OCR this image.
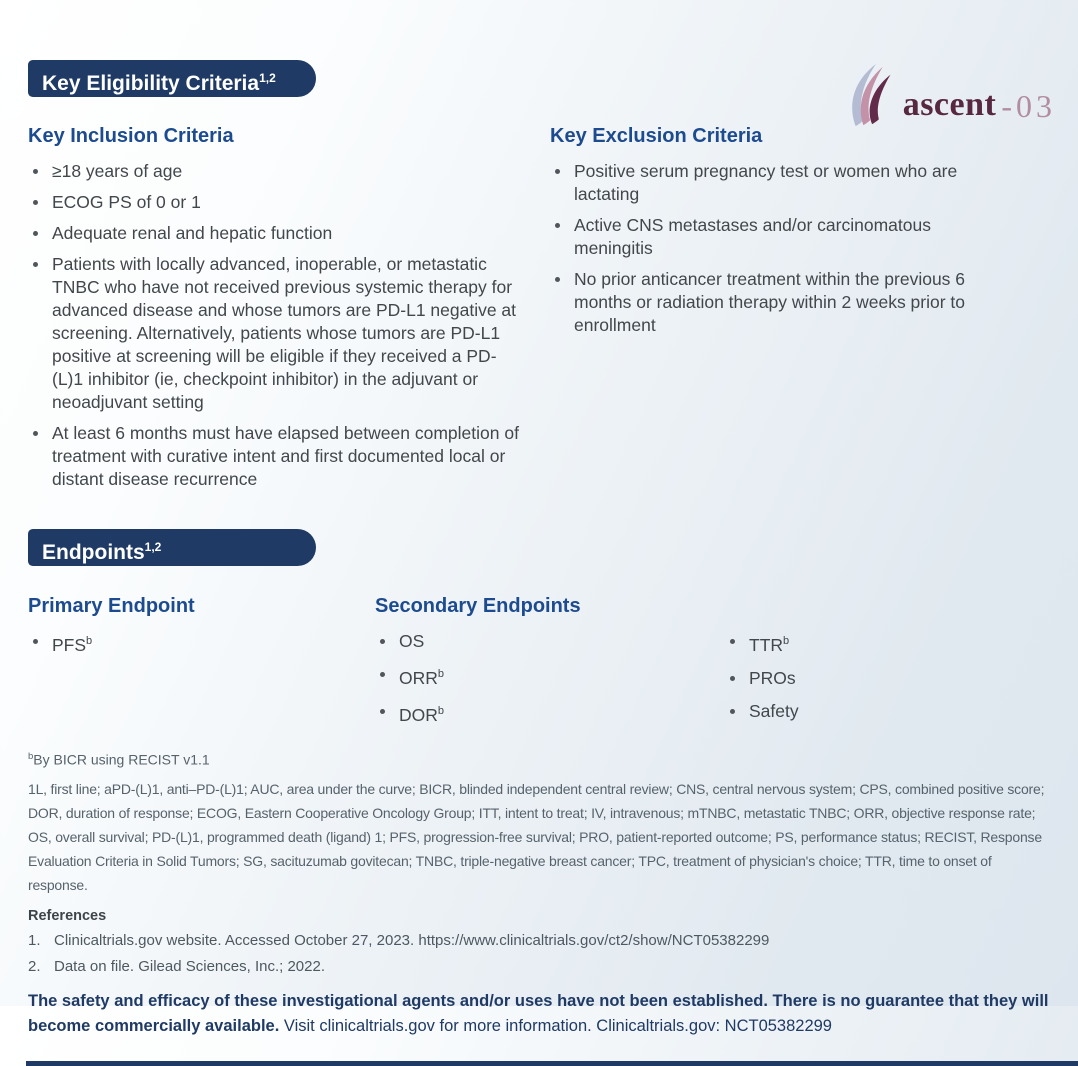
ascent -03
Key Eligibility Criteria$^{1,2}$
Key Inclusion Criteria
≥18 years of age
ECOG PS of 0 or 1
Adequate renal and hepatic function
Patients with locally advanced, inoperable, or metastatic TNBC who have not received previous systemic therapy for advanced disease and whose tumors are PD-L1 negative at screening. Alternatively, patients whose tumors are PD-L1 positive at screening will be eligible if they received a PD-(L)1 inhibitor (ie, checkpoint inhibitor) in the adjuvant or neoadjuvant setting
At least 6 months must have elapsed between completion of treatment with curative intent and first documented local or distant disease recurrence
Key Exclusion Criteria
Positive serum pregnancy test or women who are lactating
Active CNS metastases and/or carcinomatous meningitis
No prior anticancer treatment within the previous 6 months or radiation therapy within 2 weeks prior to enrollment
Endpoints$^{1,2}$
Primary Endpoint
PFS$^b$
Secondary Endpoints
OS
ORR$^b$
DOR$^b$
TTR$^b$
PROs
Safety
$^b$By BICR using RECIST v1.1
1L, first line; aPD-(L)1, anti–PD-(L)1; AUC, area under the curve; BICR, blinded independent central review; CNS, central nervous system; CPS, combined positive score; DOR, duration of response; ECOG, Eastern Cooperative Oncology Group; ITT, intent to treat; IV, intravenous; mTNBC, metastatic TNBC; ORR, objective response rate; OS, overall survival; PD-(L)1, programmed death (ligand) 1; PFS, progression-free survival; PRO, patient-reported outcome; PS, performance status; RECIST, Response Evaluation Criteria in Solid Tumors; SG, sacituzumab govitecan; TNBC, triple-negative breast cancer; TPC, treatment of physician's choice; TTR, time to onset of response.
References
1. Clinicaltrials.gov website. Accessed October 27, 2023. https://www.clinicaltrials.gov/ct2/show/NCT05382299
2. Data on file. Gilead Sciences, Inc.; 2022.
The safety and efficacy of these investigational agents and/or uses have not been established. There is no guarantee that they will become commercially available. Visit clinicaltrials.gov for more information. Clinicaltrials.gov: NCT05382299
